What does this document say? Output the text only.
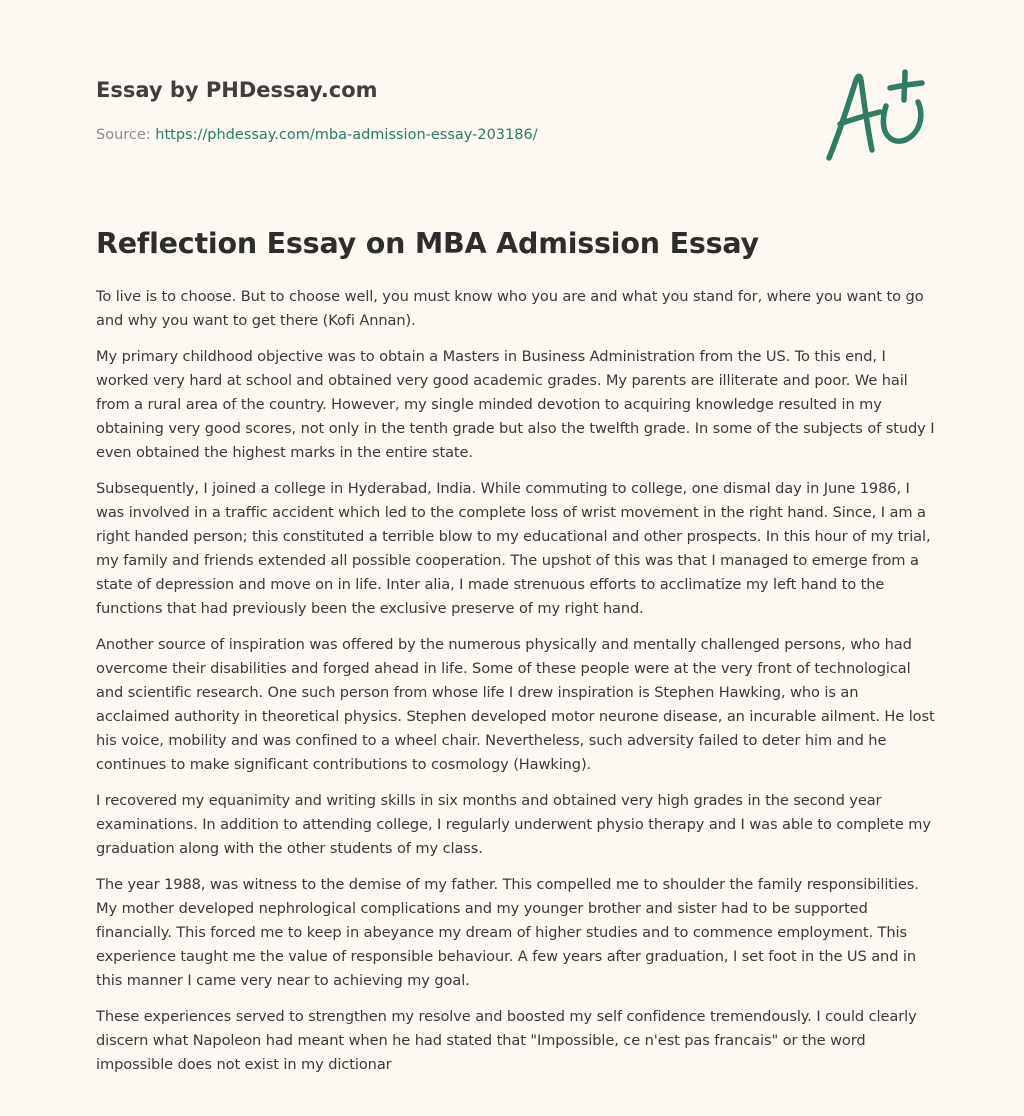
Essay by PHDessay.com
Source: https://phdessay.com/mba-admission-essay-203186/
Reflection Essay on MBA Admission Essay

To live is to choose. But to choose well, you must know who you are and what you stand for, where you want to go and why you want to get there (Kofi Annan).

My primary childhood objective was to obtain a Masters in Business Administration from the US. To this end, I worked very hard at school and obtained very good academic grades. My parents are illiterate and poor. We hail from a rural area of the country. However, my single minded devotion to acquiring knowledge resulted in my obtaining very good scores, not only in the tenth grade but also the twelfth grade. In some of the subjects of study I even obtained the highest marks in the entire state.

Subsequently, I joined a college in Hyderabad, India. While commuting to college, one dismal day in June 1986, I was involved in a traffic accident which led to the complete loss of wrist movement in the right hand. Since, I am a right handed person; this constituted a terrible blow to my educational and other prospects. In this hour of my trial, my family and friends extended all possible cooperation. The upshot of this was that I managed to emerge from a state of depression and move on in life. Inter alia, I made strenuous efforts to acclimatize my left hand to the functions that had previously been the exclusive preserve of my right hand.

Another source of inspiration was offered by the numerous physically and mentally challenged persons, who had overcome their disabilities and forged ahead in life. Some of these people were at the very front of technological and scientific research. One such person from whose life I drew inspiration is Stephen Hawking, who is an acclaimed authority in theoretical physics. Stephen developed motor neurone disease, an incurable ailment. He lost his voice, mobility and was confined to a wheel chair. Nevertheless, such adversity failed to deter him and he continues to make significant contributions to cosmology (Hawking).

I recovered my equanimity and writing skills in six months and obtained very high grades in the second year examinations. In addition to attending college, I regularly underwent physio therapy and I was able to complete my graduation along with the other students of my class.

The year 1988, was witness to the demise of my father. This compelled me to shoulder the family responsibilities. My mother developed nephrological complications and my younger brother and sister had to be supported financially. This forced me to keep in abeyance my dream of higher studies and to commence employment. This experience taught me the value of responsible behaviour. A few years after graduation, I set foot in the US and in this manner I came very near to achieving my goal.

These experiences served to strengthen my resolve and boosted my self confidence tremendously. I could clearly discern what Napoleon had meant when he had stated that "Impossible, ce n'est pas francais" or the word impossible does not exist in my dictionar
